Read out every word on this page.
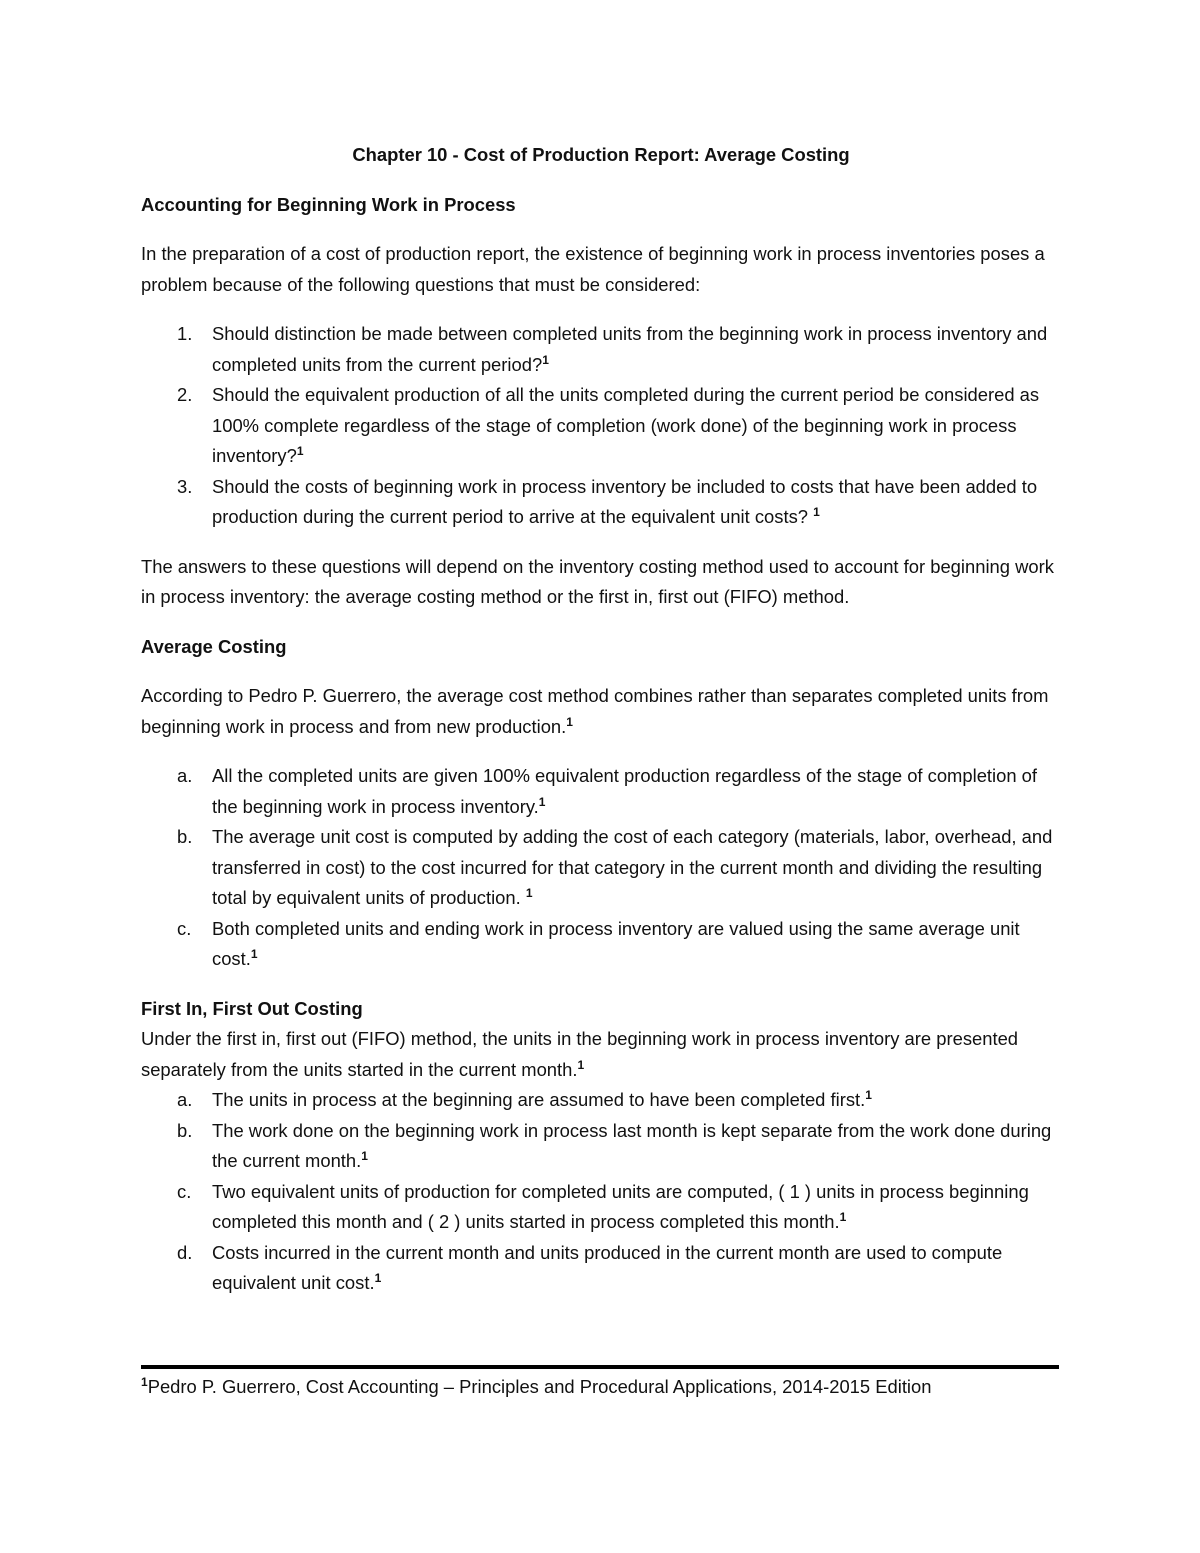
Chapter 10 - Cost of Production Report: Average Costing
Accounting for Beginning Work in Process

In the preparation of a cost of production report, the existence of beginning work in process inventories poses a problem because of the following questions that must be considered:

1.	Should distinction be made between completed units from the beginning work in process inventory and completed units from the current period?$^1$
2.	Should the equivalent production of all the units completed during the current period be considered as 100% complete regardless of the stage of completion (work done) of the beginning work in process inventory?$^1$
3.	Should the costs of beginning work in process inventory be included to costs that have been added to production during the current period to arrive at the equivalent unit costs? $^1$

The answers to these questions will depend on the inventory costing method used to account for beginning work in process inventory: the average costing method or the first in, first out (FIFO) method.

Average Costing

According to Pedro P. Guerrero, the average cost method combines rather than separates completed units from beginning work in process and from new production.$^1$

a.	All the completed units are given 100% equivalent production regardless of the stage of completion of the beginning work in process inventory.$^1$
b.	The average unit cost is computed by adding the cost of each category (materials, labor, overhead, and transferred in cost) to the cost incurred for that category in the current month and dividing the resulting total by equivalent units of production. $^1$
c.	Both completed units and ending work in process inventory are valued using the same average unit cost.$^1$
First In, First Out Costing

Under the first in, first out (FIFO) method, the units in the beginning work in process inventory are presented separately from the units started in the current month.$^1$

a.	The units in process at the beginning are assumed to have been completed first.$^1$
b.	The work done on the beginning work in process last month is kept separate from the work done during the current month.$^1$
c.	Two equivalent units of production for completed units are computed, ( 1 ) units in process beginning completed this month and ( 2 ) units started in process completed this month.$^1$
d.	Costs incurred in the current month and units produced in the current month are used to compute equivalent unit cost.$^1$
$^1$Pedro P. Guerrero, Cost Accounting – Principles and Procedural Applications, 2014-2015 Edition
